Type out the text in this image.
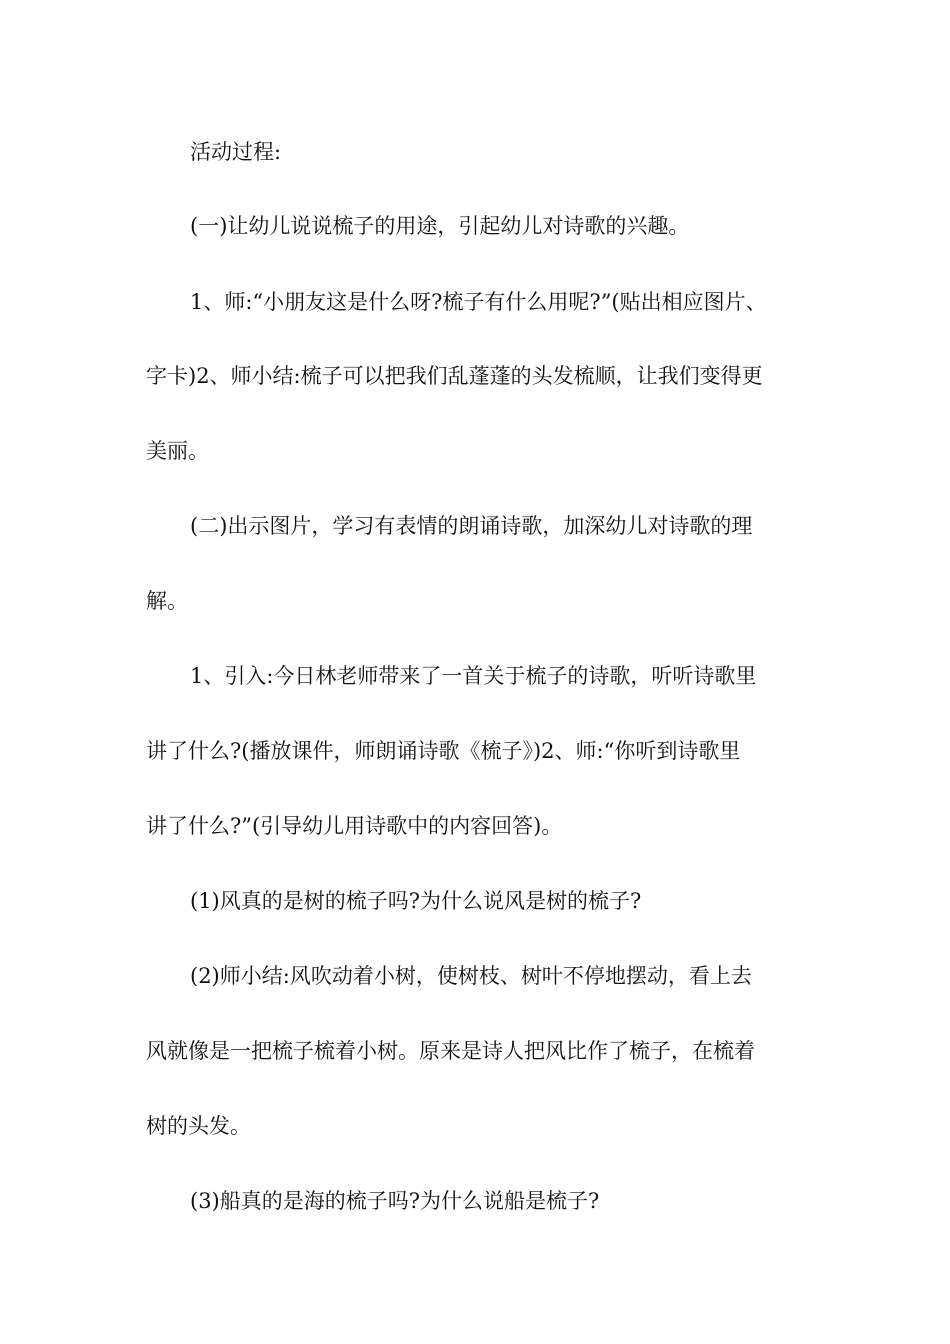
活动过程:
(一)让幼儿说说梳子的用途，引起幼儿对诗歌的兴趣。
1、师:“小朋友这是什么呀?梳子有什么用呢?”(贴出相应图片、
字卡)2、师小结:梳子可以把我们乱蓬蓬的头发梳顺，让我们变得更
美丽。
(二)出示图片，学习有表情的朗诵诗歌，加深幼儿对诗歌的理
解。
1、引入:今日林老师带来了一首关于梳子的诗歌，听听诗歌里
讲了什么?(播放课件，师朗诵诗歌《梳子》)2、师:“你听到诗歌里
讲了什么?”(引导幼儿用诗歌中的内容回答)。
(1)风真的是树的梳子吗?为什么说风是树的梳子?
(2)师小结:风吹动着小树，使树枝、树叶不停地摆动，看上去
风就像是一把梳子梳着小树。原来是诗人把风比作了梳子，在梳着
树的头发。
(3)船真的是海的梳子吗?为什么说船是梳子?
